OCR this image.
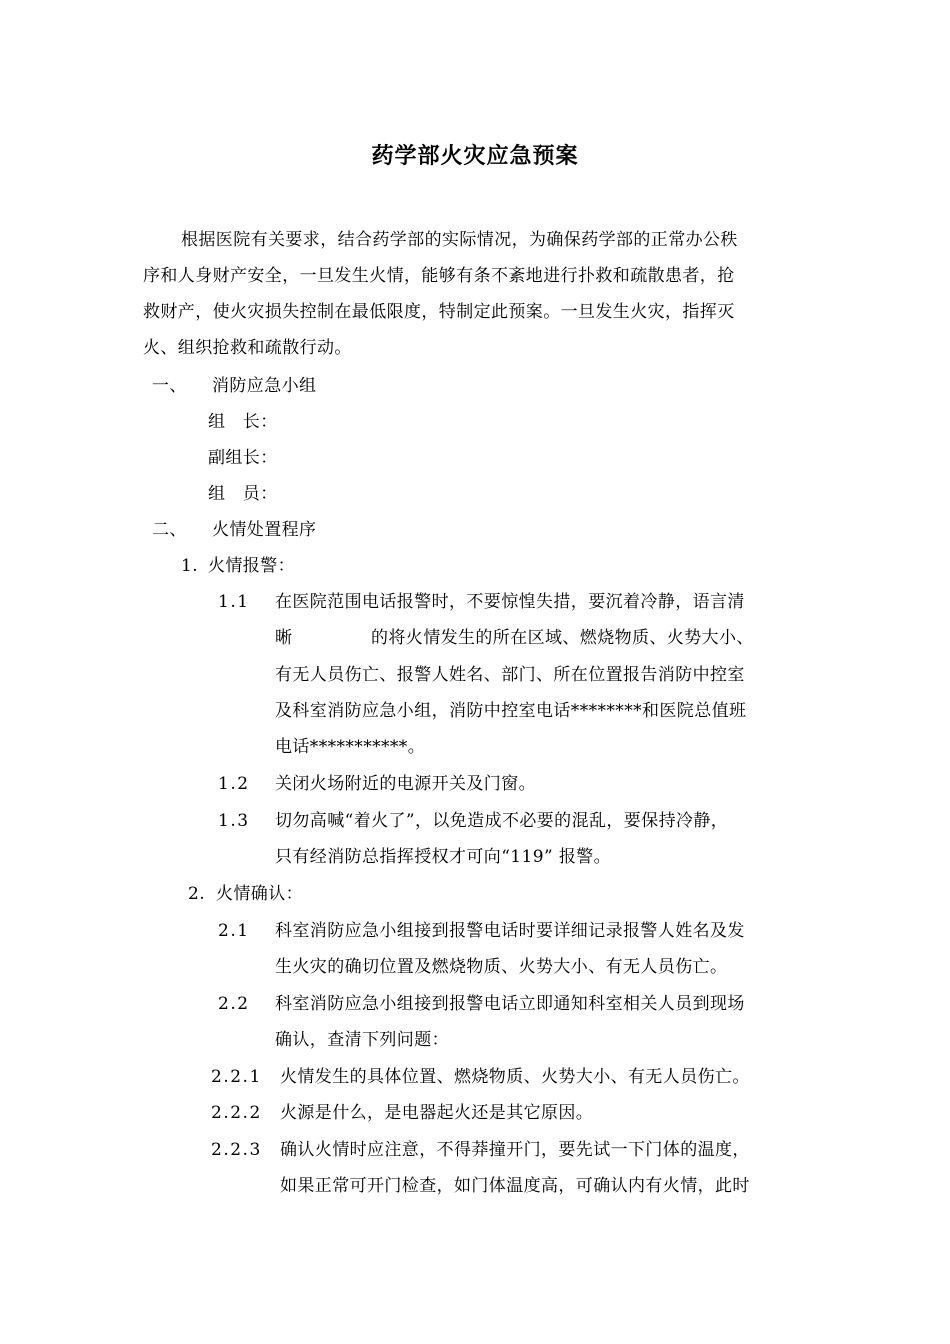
药学部火灾应急预案
根据医院有关要求，结合药学部的实际情况，为确保药学部的正常办公秩
序和人身财产安全，一旦发生火情，能够有条不紊地进行扑救和疏散患者，抢
救财产，使火灾损失控制在最低限度，特制定此预案。一旦发生火灾，指挥灭
火、组织抢救和疏散行动。
一、 消防应急小组
组　长：
副组长：
组　员：
二、 火情处置程序
1. 火情报警：
1.1 在医院范围电话报警时，不要惊惶失措，要沉着冷静，语言清
晰	的将火情发生的所在区域、燃烧物质、火势大小、
有无人员伤亡、报警人姓名、部门、所在位置报告消防中控室
及科室消防应急小组，消防中控室电话********和医院总值班
电话***********。
1.2 关闭火场附近的电源开关及门窗。
1.3 切勿高喊“着火了”，以免造成不必要的混乱，要保持冷静，
只有经消防总指挥授权才可向“119” 报警。
2. 火情确认：
2.1 科室消防应急小组接到报警电话时要详细记录报警人姓名及发
生火灾的确切位置及燃烧物质、火势大小、有无人员伤亡。
2.2 科室消防应急小组接到报警电话立即通知科室相关人员到现场
确认，查清下列问题：
2.2.1 火情发生的具体位置、燃烧物质、火势大小、有无人员伤亡。
2.2.2 火源是什么，是电器起火还是其它原因。
2.2.3 确认火情时应注意，不得莽撞开门，要先试一下门体的温度，
如果正常可开门检查，如门体温度高，可确认内有火情，此时
